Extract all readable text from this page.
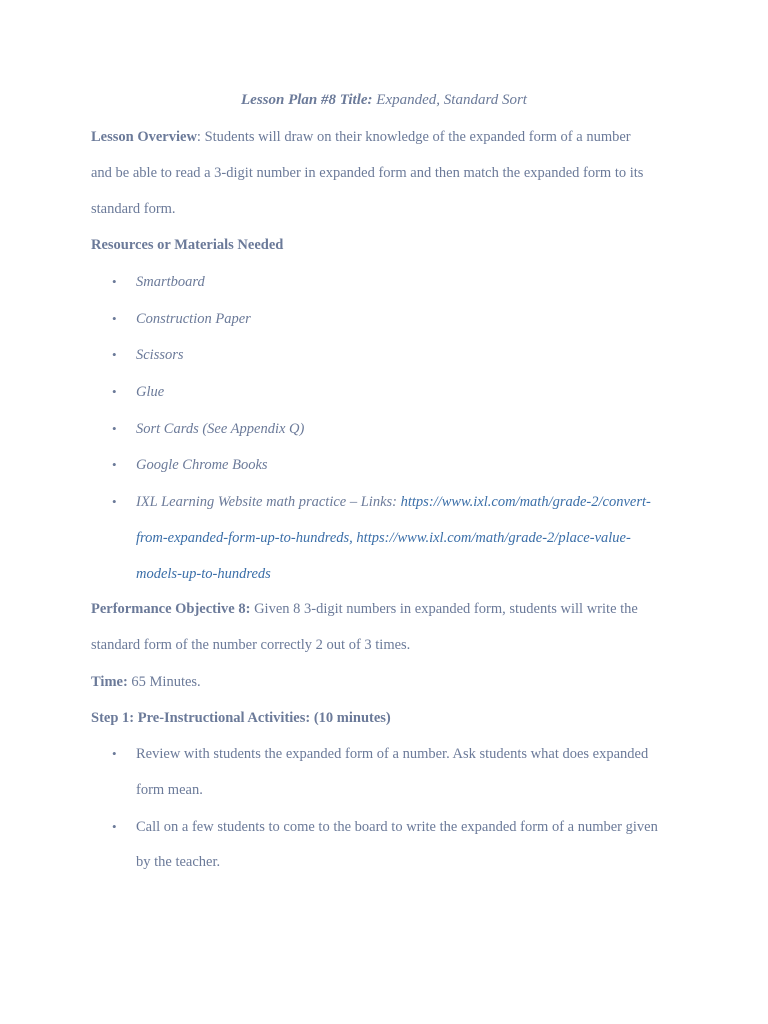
Lesson Plan #8 Title: Expanded, Standard Sort
Lesson Overview: Students will draw on their knowledge of the expanded form of a number
and be able to read a 3-digit number in expanded form and then match the expanded form to its
standard form.
Resources or Materials Needed
• Smartboard
• Construction Paper
• Scissors
• Glue
• Sort Cards (See Appendix Q)
• Google Chrome Books
• IXL Learning Website math practice – Links: https://www.ixl.com/math/grade-2/convert-
from-expanded-form-up-to-hundreds, https://www.ixl.com/math/grade-2/place-value-
models-up-to-hundreds
Performance Objective 8: Given 8 3-digit numbers in expanded form, students will write the
standard form of the number correctly 2 out of 3 times.
Time: 65 Minutes.
Step 1: Pre-Instructional Activities: (10 minutes)
• Review with students the expanded form of a number. Ask students what does expanded
form mean.
• Call on a few students to come to the board to write the expanded form of a number given
by the teacher.
